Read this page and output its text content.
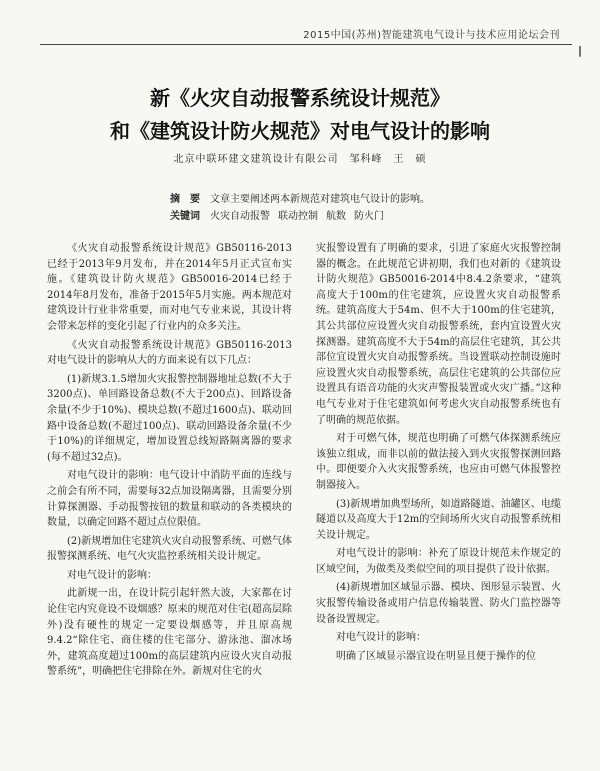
2015中国(苏州)智能建筑电气设计与技术应用论坛会刊
|
新《火灾自动报警系统设计规范》
和《建筑设计防火规范》对电气设计的影响
北京中联环建文建筑设计有限公司　邹科峰　王　硕
摘　要 文章主要阐述两本新规范对建筑电气设计的影响。
关键词 火灾自动报警 联动控制 航数 防火门

《火灾自动报警系统设计规范》GB50116-2013已经于2013年9月发布，并在2014年5月正式宣布实施。《建筑设计防火规范》GB50016-2014已经于2014年8月发布，准备于2015年5月实施。两本规范对建筑设计行业非常重要，而对电气专业来说，其设计将会带来怎样的变化引起了行业内的众多关注。

《火灾自动报警系统设计规范》GB50116-2013对电气设计的影响从大的方面来说有以下几点：

(1)新规3.1.5增加火灾报警控制器地址总数(不大于3200点)、单回路设备总数(不大于200点)、回路设备余量(不少于10%)、模块总数(不超过1600点)、联动回路中设备总数(不超过100点)、联动回路设备余量(不少于10%)的详细规定，增加设置总线短路隔离器的要求(每不超过32点)。

对电气设计的影响：电气设计中消防平面的连线与之前会有所不同，需要每32点加设隔离器，且需要分别计算探测器、手动报警按钮的数量和联动的各类模块的数量，以确定回路不超过点位限值。

(2)新规增加住宅建筑火灾自动报警系统、可燃气体报警探测系统、电气火灾监控系统相关设计规定。

对电气设计的影响：

此新规一出，在设计院引起轩然大波，大家都在讨论住宅内究竟设不设烟感？原来的规范对住宅(超高层除外)没有硬性的规定一定要设烟感等，并且原高规9.4.2“除住宅、商住楼的住宅部分、游泳池、溜冰场外，建筑高度超过100m的高层建筑内应设火灾自动报警系统”，明确把住宅排除在外。新规对住宅的火

灾报警设置有了明确的要求，引进了家庭火灾报警控制器的概念。在此规范它讲初期，我们也对新的《建筑设计防火规范》GB50016-2014中8.4.2条要求，“建筑高度大于100m的住宅建筑，应设置火灾自动报警系统。建筑高度大于54m、但不大于100m的住宅建筑，其公共部位应设置火灾自动报警系统，套内宜设置火灾探测器。建筑高度不大于54m的高层住宅建筑，其公共部位宜设置火灾自动报警系统。当设置联动控制设施时应设置火灾自动报警系统，高层住宅建筑的公共部位应设置具有语音功能的火灾声警报装置或火灾广播。”这种电气专业对于住宅建筑如何考虑火灾自动报警系统也有了明确的规范依据。

对于可燃气体，规范也明确了可燃气体探测系统应该独立组成，而非以前的做法接入到火灾报警探测回路中。即便要介入火灾报警系统，也应由可燃气体报警控制器接入。

(3)新规增加典型场所，如道路隧道、油罐区、电缆隧道以及高度大于12m的空间场所火灾自动报警系统相关设计规定。

对电气设计的影响：补充了原设计规范未作规定的区域空间，为做类及类似空间的项目提供了设计依据。

(4)新规增加区域显示器、模块、图形显示装置、火灾报警传输设备或用户信息传输装置、防火门监控器等设备设置规定。

对电气设计的影响：

明确了区域显示器宜设在明显且便于操作的位
